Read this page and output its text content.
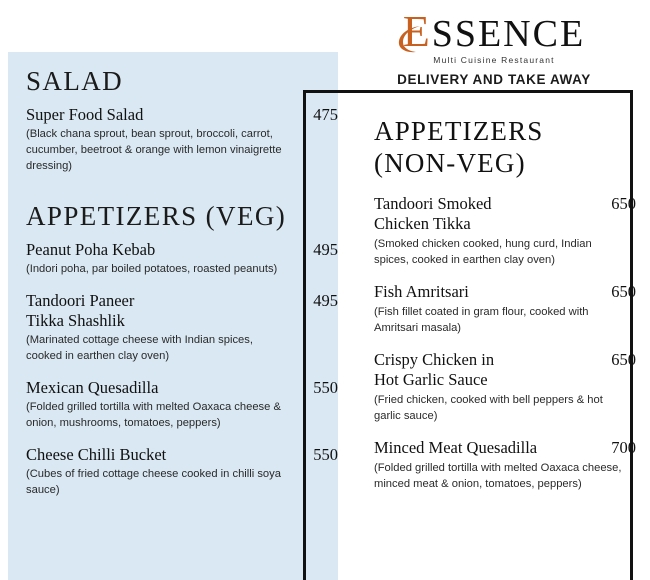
SALAD
Super Food Salad	475
(Black chana sprout, bean sprout, broccoli, carrot, cucumber, beetroot & orange with lemon vinaigrette dressing)
APPETIZERS (VEG)
Peanut Poha Kebab	495
(Indori poha, par boiled potatoes, roasted peanuts)
Tandoori Paneer
Tikka Shashlik
495
(Marinated cottage cheese with Indian spices, cooked in earthen clay oven)
Mexican Quesadilla	550
(Folded grilled tortilla with melted Oaxaca cheese & onion, mushrooms, tomatoes, peppers)
Cheese Chilli Bucket	550
(Cubes of fried cottage cheese cooked in chilli soya sauce)
ESSENCE
Multi Cuisine Restaurant
DELIVERY AND TAKE AWAY
APPETIZERS
(NON-VEG)
Tandoori Smoked
Chicken Tikka
650
(Smoked chicken cooked, hung curd, Indian spices, cooked in earthen clay oven)
Fish Amritsari	650
(Fish fillet coated in gram flour, cooked with Amritsari masala)
Crispy Chicken in
Hot Garlic Sauce
650
(Fried chicken, cooked with bell peppers & hot garlic sauce)
Minced Meat Quesadilla	700
(Folded grilled tortilla with melted Oaxaca cheese, minced meat & onion, tomatoes, peppers)
